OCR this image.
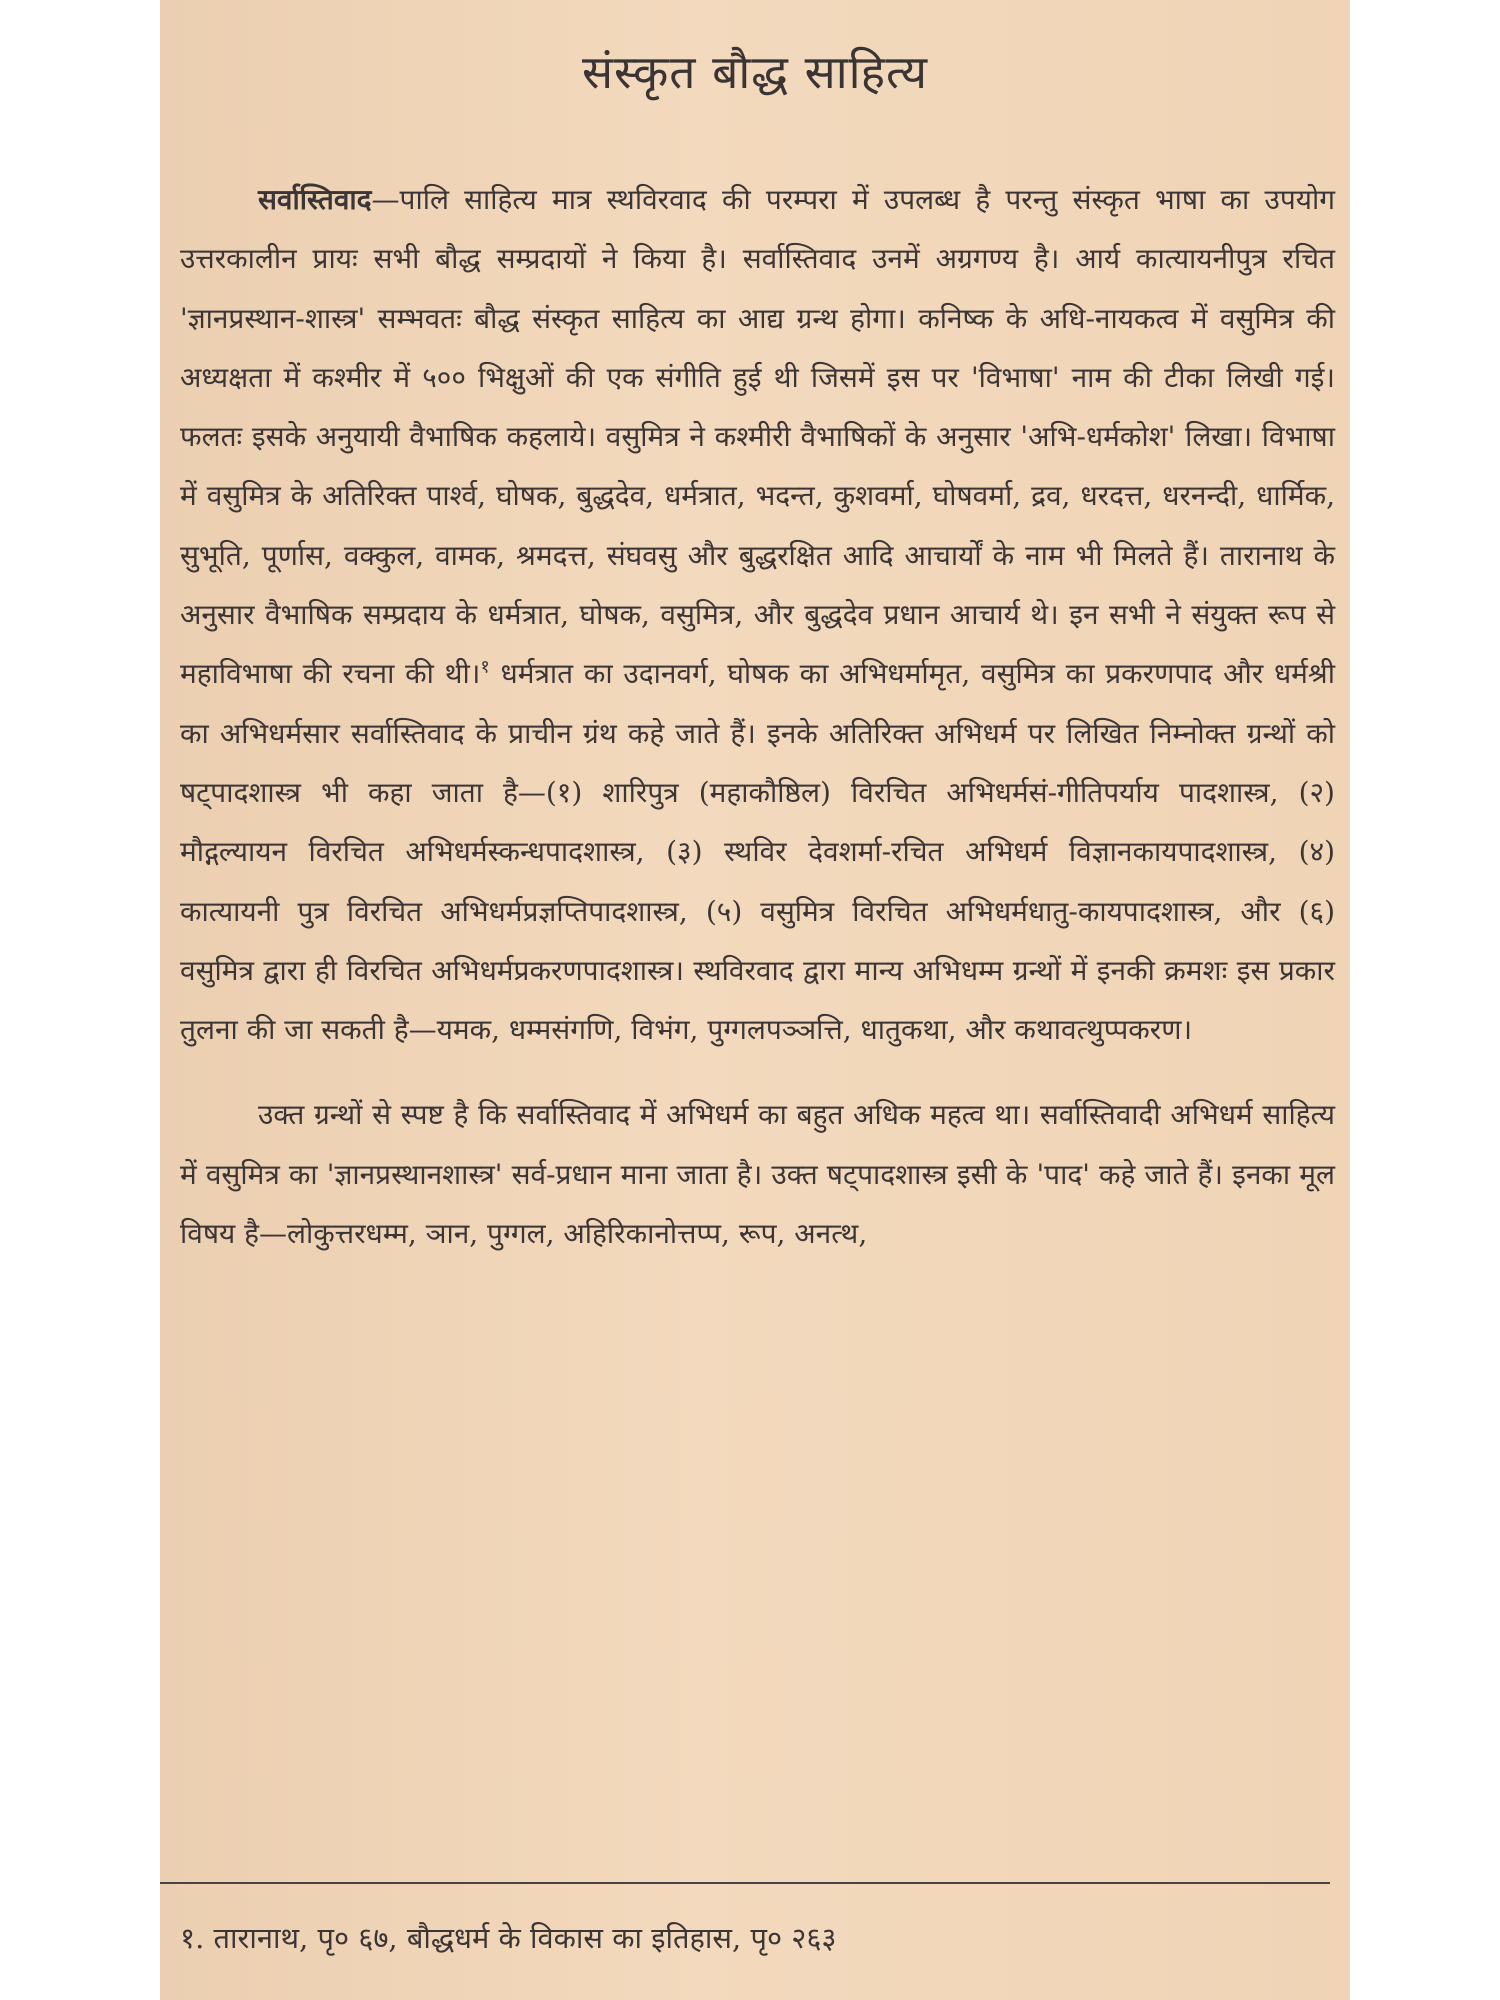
संस्कृत बौद्ध साहित्य

सर्वास्तिवाद—पालि साहित्य मात्र स्थविरवाद की परम्परा में उपलब्ध है परन्तु संस्कृत भाषा का उपयोग उत्तरकालीन प्रायः सभी बौद्ध सम्प्रदायों ने किया है। सर्वास्तिवाद उनमें अग्रगण्य है। आर्य कात्यायनीपुत्र रचित 'ज्ञानप्रस्थान-शास्त्र' सम्भवतः बौद्ध संस्कृत साहित्य का आद्य ग्रन्थ होगा। कनिष्क के अधि-नायकत्व में वसुमित्र की अध्यक्षता में कश्मीर में ५०० भिक्षुओं की एक संगीति हुई थी जिसमें इस पर 'विभाषा' नाम की टीका लिखी गई। फलतः इसके अनुयायी वैभाषिक कहलाये। वसुमित्र ने कश्मीरी वैभाषिकों के अनुसार 'अभि-धर्मकोश' लिखा। विभाषा में वसुमित्र के अतिरिक्त पार्श्व, घोषक, बुद्धदेव, धर्मत्रात, भदन्त, कुशवर्मा, घोषवर्मा, द्रव, धरदत्त, धरनन्दी, धार्मिक, सुभूति, पूर्णास, वक्कुल, वामक, श्रमदत्त, संघवसु और बुद्धरक्षित आदि आचार्यों के नाम भी मिलते हैं। तारानाथ के अनुसार वैभाषिक सम्प्रदाय के धर्मत्रात, घोषक, वसुमित्र, और बुद्धदेव प्रधान आचार्य थे। इन सभी ने संयुक्त रूप से महाविभाषा की रचना की थी।$^१$ धर्मत्रात का उदानवर्ग, घोषक का अभिधर्मामृत, वसुमित्र का प्रकरणपाद और धर्मश्री का अभिधर्मसार सर्वास्तिवाद के प्राचीन ग्रंथ कहे जाते हैं। इनके अतिरिक्त अभिधर्म पर लिखित निम्नोक्त ग्रन्थों को षट्पादशास्त्र भी कहा जाता है—(१) शारिपुत्र (महाकौष्ठिल) विरचित अभिधर्मसं-गीतिपर्याय पादशास्त्र, (२) मौद्गल्यायन विरचित अभिधर्मस्कन्धपादशास्त्र, (३) स्थविर देवशर्मा-रचित अभिधर्म विज्ञानकायपादशास्त्र, (४) कात्यायनी पुत्र विरचित अभिधर्मप्रज्ञप्तिपादशास्त्र, (५) वसुमित्र विरचित अभिधर्मधातु-कायपादशास्त्र, और (६) वसुमित्र द्वारा ही विरचित अभिधर्मप्रकरणपादशास्त्र। स्थविरवाद द्वारा मान्य अभिधम्म ग्रन्थों में इनकी क्रमशः इस प्रकार तुलना की जा सकती है—यमक, धम्मसंगणि, विभंग, पुग्गलपञ्ञत्ति, धातुकथा, और कथावत्थुप्पकरण।

उक्त ग्रन्थों से स्पष्ट है कि सर्वास्तिवाद में अभिधर्म का बहुत अधिक महत्व था। सर्वास्तिवादी अभिधर्म साहित्य में वसुमित्र का 'ज्ञानप्रस्थानशास्त्र' सर्व-प्रधान माना जाता है। उक्त षट्पादशास्त्र इसी के 'पाद' कहे जाते हैं। इनका मूल विषय है—लोकुत्तरधम्म, ञान, पुग्गल, अहिरिकानोत्तप्प, रूप, अनत्थ,

१. तारानाथ, पृ० ६७, बौद्धधर्म के विकास का इतिहास, पृ० २६३
